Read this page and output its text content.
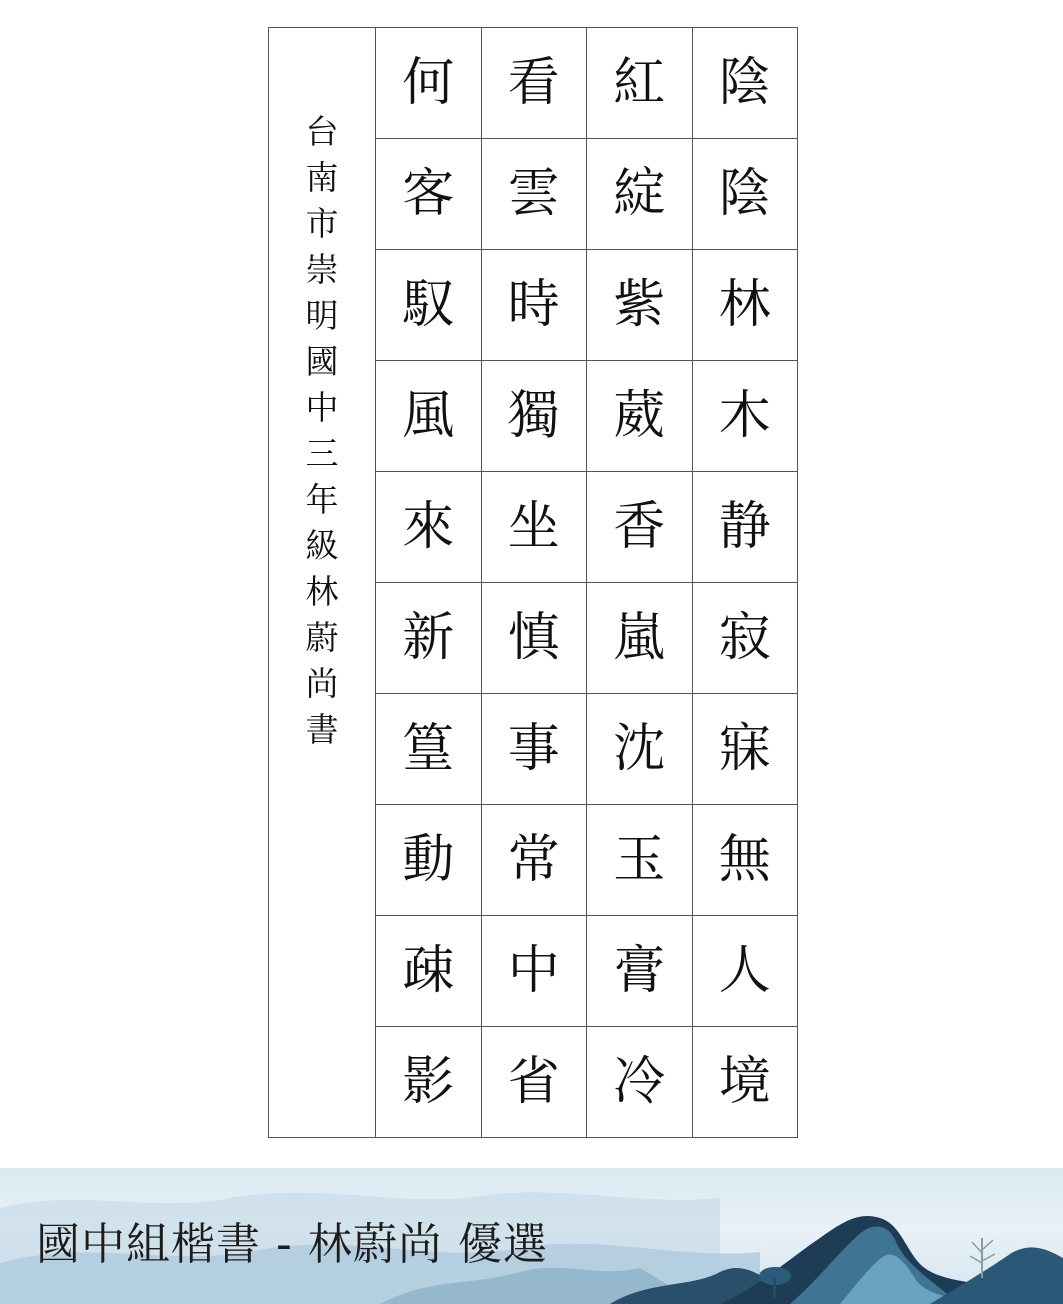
陰
陰
林
木
静
寂
寐
無
人
境
紅
綻
紫
葳
香
嵐
沈
玉
膏
冷
看
雲
時
獨
坐
慎
事
常
中
省
何
客
馭
風
來
新
篁
動
疎
影
台
南
市
崇
明
國
中
三
年
級
林
蔚
尚
書
國中組楷書 - 林蔚尚 優選
